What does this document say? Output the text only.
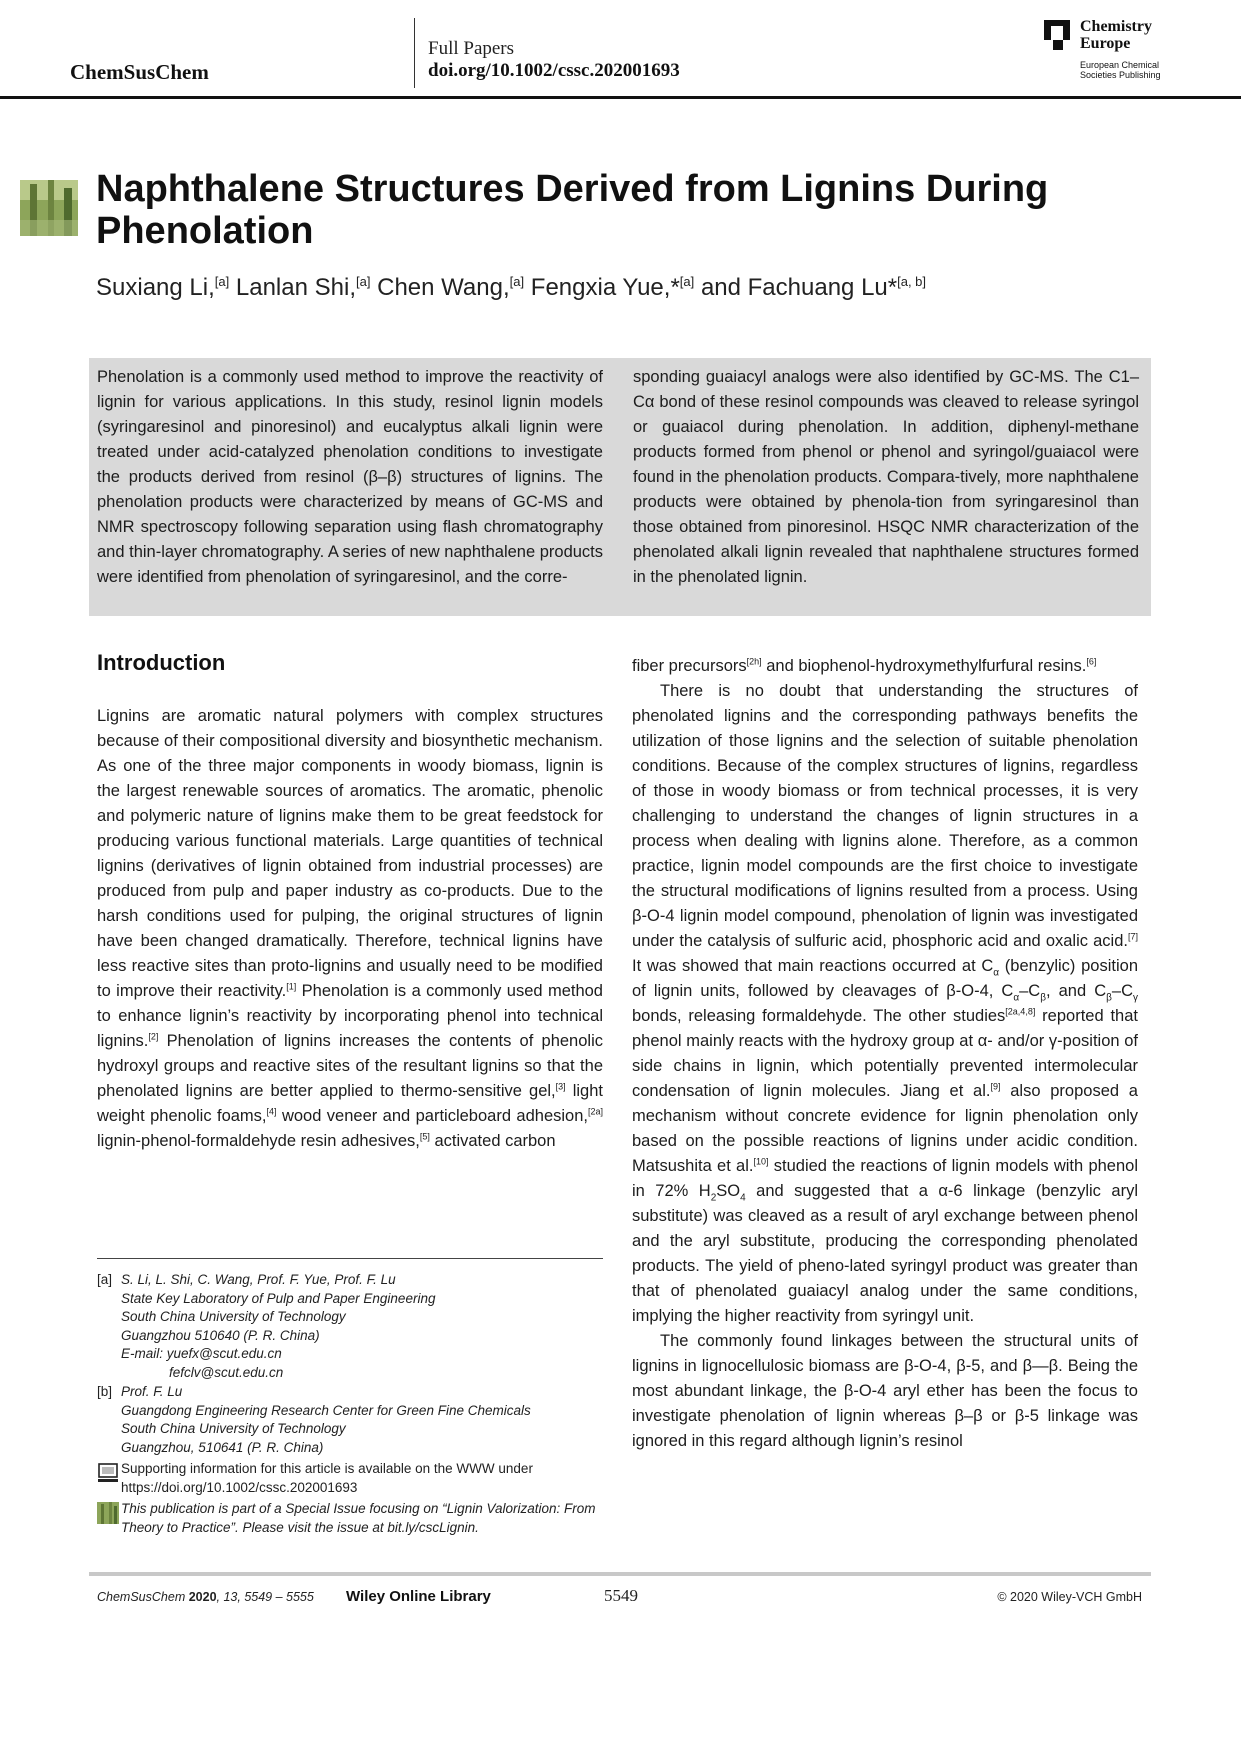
ChemSusChem
Full Papers
doi.org/10.1002/cssc.202001693
Chemistry
Europe
European Chemical
Societies Publishing
Naphthalene Structures Derived from Lignins During Phenolation
Suxiang Li,[a] Lanlan Shi,[a] Chen Wang,[a] Fengxia Yue,*[a] and Fachuang Lu*[a, b]
Phenolation is a commonly used method to improve the reactivity of lignin for various applications. In this study, resinol lignin models (syringaresinol and pinoresinol) and eucalyptus alkali lignin were treated under acid-catalyzed phenolation conditions to investigate the products derived from resinol (β–β) structures of lignins. The phenolation products were characterized by means of GC-MS and NMR spectroscopy following separation using flash chromatography and thin-layer chromatography. A series of new naphthalene products were identified from phenolation of syringaresinol, and the corre-
sponding guaiacyl analogs were also identified by GC-MS. The C1–Cα bond of these resinol compounds was cleaved to release syringol or guaiacol during phenolation. In addition, diphenyl-methane products formed from phenol or phenol and syringol/guaiacol were found in the phenolation products. Compara-tively, more naphthalene products were obtained by phenola-tion from syringaresinol than those obtained from pinoresinol. HSQC NMR characterization of the phenolated alkali lignin revealed that naphthalene structures formed in the phenolated lignin.
Introduction

Lignins are aromatic natural polymers with complex structures because of their compositional diversity and biosynthetic mechanism. As one of the three major components in woody biomass, lignin is the largest renewable sources of aromatics. The aromatic, phenolic and polymeric nature of lignins make them to be great feedstock for producing various functional materials. Large quantities of technical lignins (derivatives of lignin obtained from industrial processes) are produced from pulp and paper industry as co-products. Due to the harsh conditions used for pulping, the original structures of lignin have been changed dramatically. Therefore, technical lignins have less reactive sites than proto-lignins and usually need to be modified to improve their reactivity.[1] Phenolation is a commonly used method to enhance lignin’s reactivity by incorporating phenol into technical lignins.[2] Phenolation of lignins increases the contents of phenolic hydroxyl groups and reactive sites of the resultant lignins so that the phenolated lignins are better applied to thermo-sensitive gel,[3] light weight phenolic foams,[4] wood veneer and particleboard adhesion,[2a] lignin-phenol-formaldehyde resin adhesives,[5] activated carbon

fiber precursors[2h] and biophenol-hydroxymethylfurfural resins.[6]

There is no doubt that understanding the structures of phenolated lignins and the corresponding pathways benefits the utilization of those lignins and the selection of suitable phenolation conditions. Because of the complex structures of lignins, regardless of those in woody biomass or from technical processes, it is very challenging to understand the changes of lignin structures in a process when dealing with lignins alone. Therefore, as a common practice, lignin model compounds are the first choice to investigate the structural modifications of lignins resulted from a process. Using β-O-4 lignin model compound, phenolation of lignin was investigated under the catalysis of sulfuric acid, phosphoric acid and oxalic acid.[7] It was showed that main reactions occurred at $C_\alpha$ (benzylic) position of lignin units, followed by cleavages of β-O-4, $C_\alpha-C_\beta$, and $C_\beta-C_\gamma$ bonds, releasing formaldehyde. The other studies[2a,4,8] reported that phenol mainly reacts with the hydroxy group at α- and/or γ-position of side chains in lignin, which potentially prevented intermolecular condensation of lignin molecules. Jiang et al.[9] also proposed a mechanism without concrete evidence for lignin phenolation only based on the possible reactions of lignins under acidic condition. Matsushita et al.[10] studied the reactions of lignin models with phenol in 72% $H_2SO_4$ and suggested that a α-6 linkage (benzylic aryl substitute) was cleaved as a result of aryl exchange between phenol and the aryl substitute, producing the corresponding phenolated products. The yield of pheno-lated syringyl product was greater than that of phenolated guaiacyl analog under the same conditions, implying the higher reactivity from syringyl unit.

The commonly found linkages between the structural units of lignins in lignocellulosic biomass are β-O-4, β-5, and β—β. Being the most abundant linkage, the β-O-4 aryl ether has been the focus to investigate phenolation of lignin whereas β–β or β-5 linkage was ignored in this regard although lignin’s resinol

[a] S. Li, L. Shi, C. Wang, Prof. F. Yue, Prof. F. Lu
State Key Laboratory of Pulp and Paper Engineering
South China University of Technology
Guangzhou 510640 (P. R. China)
E-mail: yuefx@scut.edu.cn
fefclv@scut.edu.cn
[b] Prof. F. Lu
Guangdong Engineering Research Center for Green Fine Chemicals
South China University of Technology
Guangzhou, 510641 (P. R. China)
Supporting information for this article is available on the WWW under https://doi.org/10.1002/cssc.202001693
This publication is part of a Special Issue focusing on “Lignin Valorization: From Theory to Practice”. Please visit the issue at bit.ly/cscLignin.
ChemSusChem 2020, 13, 5549 – 5555 Wiley Online Library	5549	© 2020 Wiley-VCH GmbH
